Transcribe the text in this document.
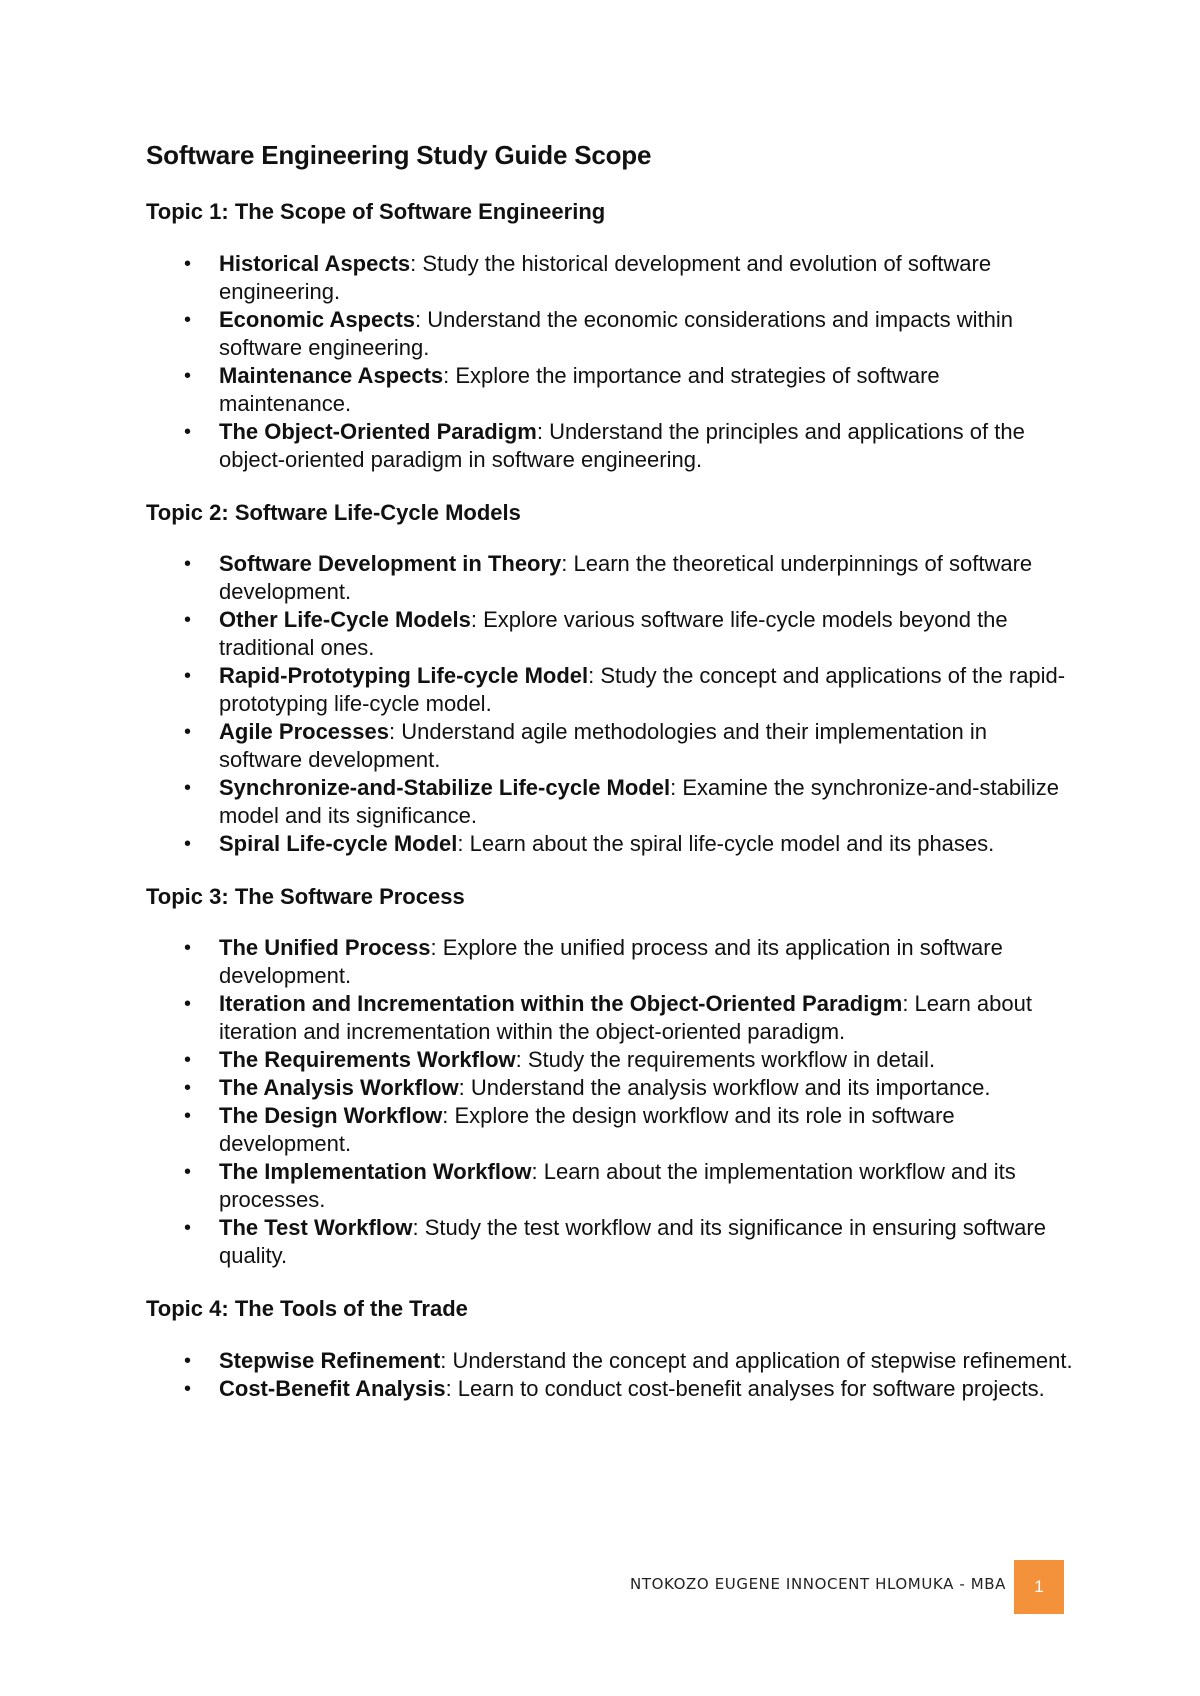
Software Engineering Study Guide Scope
Topic 1: The Scope of Software Engineering
• Historical Aspects: Study the historical development and evolution of software engineering.
• Economic Aspects: Understand the economic considerations and impacts within software engineering.
• Maintenance Aspects: Explore the importance and strategies of software maintenance.
• The Object-Oriented Paradigm: Understand the principles and applications of the object-oriented paradigm in software engineering.
Topic 2: Software Life-Cycle Models
• Software Development in Theory: Learn the theoretical underpinnings of software development.
• Other Life-Cycle Models: Explore various software life-cycle models beyond the traditional ones.
• Rapid-Prototyping Life-cycle Model: Study the concept and applications of the rapid-prototyping life-cycle model.
• Agile Processes: Understand agile methodologies and their implementation in software development.
• Synchronize-and-Stabilize Life-cycle Model: Examine the synchronize-and-stabilize model and its significance.
• Spiral Life-cycle Model: Learn about the spiral life-cycle model and its phases.
Topic 3: The Software Process
• The Unified Process: Explore the unified process and its application in software development.
• Iteration and Incrementation within the Object-Oriented Paradigm: Learn about iteration and incrementation within the object-oriented paradigm.
• The Requirements Workflow: Study the requirements workflow in detail.
• The Analysis Workflow: Understand the analysis workflow and its importance.
• The Design Workflow: Explore the design workflow and its role in software development.
• The Implementation Workflow: Learn about the implementation workflow and its processes.
• The Test Workflow: Study the test workflow and its significance in ensuring software quality.
Topic 4: The Tools of the Trade
• Stepwise Refinement: Understand the concept and application of stepwise refinement.
• Cost-Benefit Analysis: Learn to conduct cost-benefit analyses for software projects.
NTOKOZO EUGENE INNOCENT HLOMUKA - MBA 1
